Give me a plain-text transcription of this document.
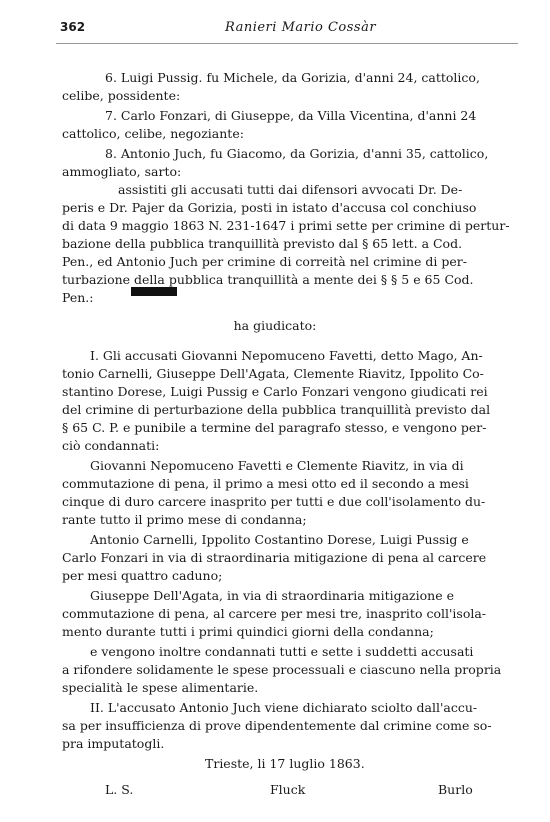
362	Ranieri Mario Cossàr
6. Luigi Pussig. fu Michele, da Gorizia, d'anni 24, cattolico,
celibe, possidente:
7. Carlo Fonzari, di Giuseppe, da Villa Vicentina, d'anni 24
cattolico, celibe, negoziante:
8. Antonio Juch, fu Giacomo, da Gorizia, d'anni 35, cattolico,
ammogliato, sarto:
assistiti gli accusati tutti dai difensori avvocati Dr. De-
peris e Dr. Pajer da Gorizia, posti in istato d'accusa col conchiuso
di data 9 maggio 1863 N. 231-1647 i primi sette per crimine di pertur-
bazione della pubblica tranquillità previsto dal § 65 lett. a Cod.
Pen., ed Antonio Juch per crimine di correità nel crimine di per-
turbazione della pubblica tranquillità a mente dei § § 5 e 65 Cod.
Pen.:
ha giudicato:
I. Gli accusati Giovanni Nepomuceno Favetti, detto Mago, An-
tonio Carnelli, Giuseppe Dell'Agata, Clemente Riavitz, Ippolito Co-
stantino Dorese, Luigi Pussig e Carlo Fonzari vengono giudicati rei
del crimine di perturbazione della pubblica tranquillità previsto dal
§ 65 C. P. e punibile a termine del paragrafo stesso, e vengono per-
ciò condannati:
Giovanni Nepomuceno Favetti e Clemente Riavitz, in via di
commutazione di pena, il primo a mesi otto ed il secondo a mesi
cinque di duro carcere inasprito per tutti e due coll'isolamento du-
rante tutto il primo mese di condanna;
Antonio Carnelli, Ippolito Costantino Dorese, Luigi Pussig e
Carlo Fonzari in via di straordinaria mitigazione di pena al carcere
per mesi quattro caduno;
Giuseppe Dell'Agata, in via di straordinaria mitigazione e
commutazione di pena, al carcere per mesi tre, inasprito coll'isola-
mento durante tutti i primi quindici giorni della condanna;
e vengono inoltre condannati tutti e sette i suddetti accusati
a rifondere solidamente le spese processuali e ciascuno nella propria
specialità le spese alimentarie.
II. L'accusato Antonio Juch viene dichiarato sciolto dall'accu-
sa per insufficienza di prove dipendentemente dal crimine come so-
pra imputatogli.
Trieste, li 17 luglio 1863.
L. S.	Fluck	Burlo
